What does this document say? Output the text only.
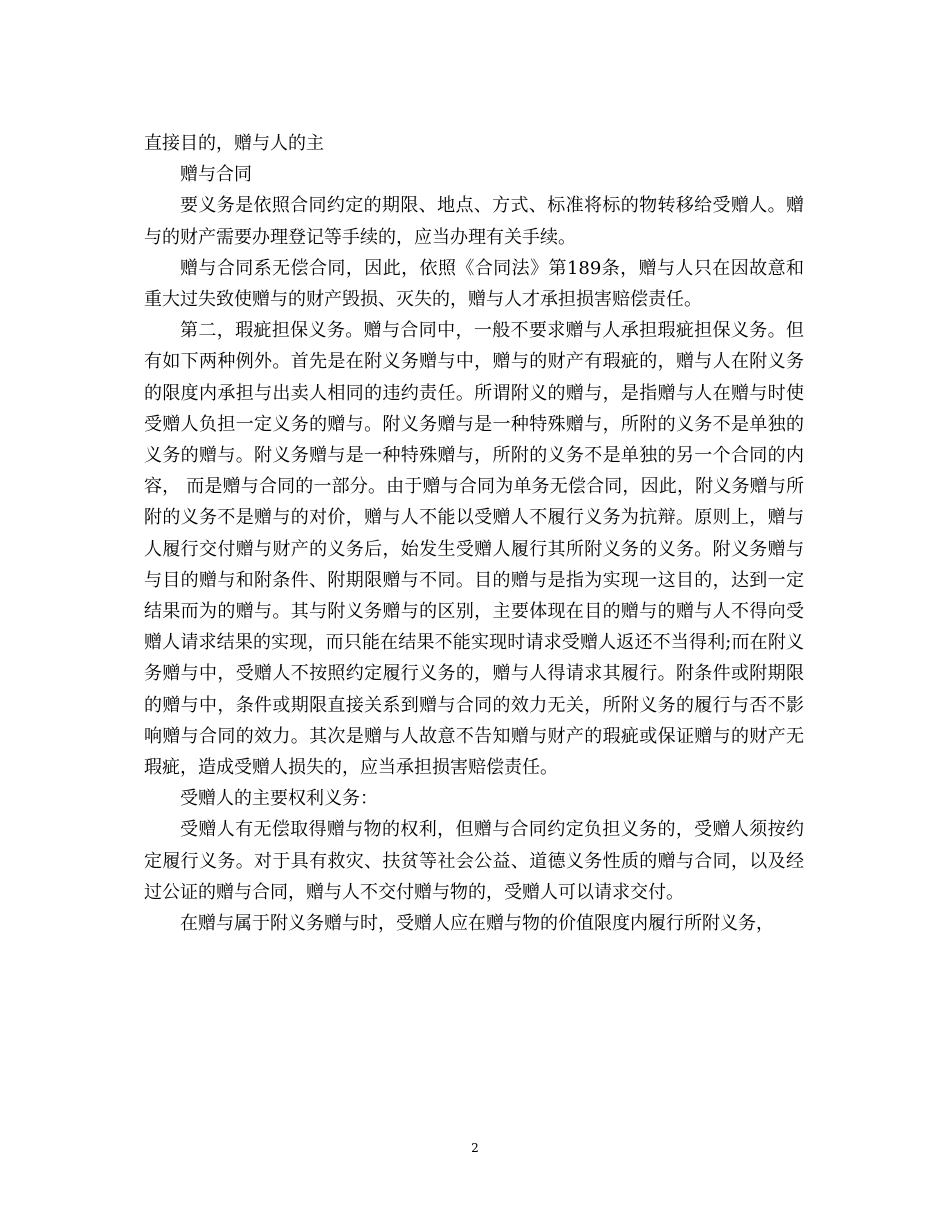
直接目的，赠与人的主

赠与合同

要义务是依照合同约定的期限、地点、方式、标准将标的物转移给受赠人。赠与的财产需要办理登记等手续的，应当办理有关手续。

赠与合同系无偿合同，因此，依照《合同法》第189条，赠与人只在因故意和重大过失致使赠与的财产毁损、灭失的，赠与人才承担损害赔偿责任。

第二，瑕疵担保义务。赠与合同中，一般不要求赠与人承担瑕疵担保义务。但有如下两种例外。首先是在附义务赠与中，赠与的财产有瑕疵的，赠与人在附义务的限度内承担与出卖人相同的违约责任。所谓附义的赠与，是指赠与人在赠与时使受赠人负担一定义务的赠与。附义务赠与是一种特殊赠与，所附的义务不是单独的义务的赠与。附义务赠与是一种特殊赠与，所附的义务不是单独的另一个合同的内容， 而是赠与合同的一部分。由于赠与合同为单务无偿合同，因此，附义务赠与所附的义务不是赠与的对价，赠与人不能以受赠人不履行义务为抗辩。原则上，赠与人履行交付赠与财产的义务后，始发生受赠人履行其所附义务的义务。附义务赠与与目的赠与和附条件、附期限赠与不同。目的赠与是指为实现一这目的，达到一定结果而为的赠与。其与附义务赠与的区别，主要体现在目的赠与的赠与人不得向受赠人请求结果的实现，而只能在结果不能实现时请求受赠人返还不当得利;而在附义务赠与中，受赠人不按照约定履行义务的，赠与人得请求其履行。附条件或附期限的赠与中，条件或期限直接关系到赠与合同的效力无关，所附义务的履行与否不影响赠与合同的效力。其次是赠与人故意不告知赠与财产的瑕疵或保证赠与的财产无瑕疵，造成受赠人损失的，应当承担损害赔偿责任。

受赠人的主要权利义务：

受赠人有无偿取得赠与物的权利，但赠与合同约定负担义务的，受赠人须按约定履行义务。对于具有救灾、扶贫等社会公益、道德义务性质的赠与合同，以及经过公证的赠与合同，赠与人不交付赠与物的，受赠人可以请求交付。

在赠与属于附义务赠与时，受赠人应在赠与物的价值限度内履行所附义务，

2
